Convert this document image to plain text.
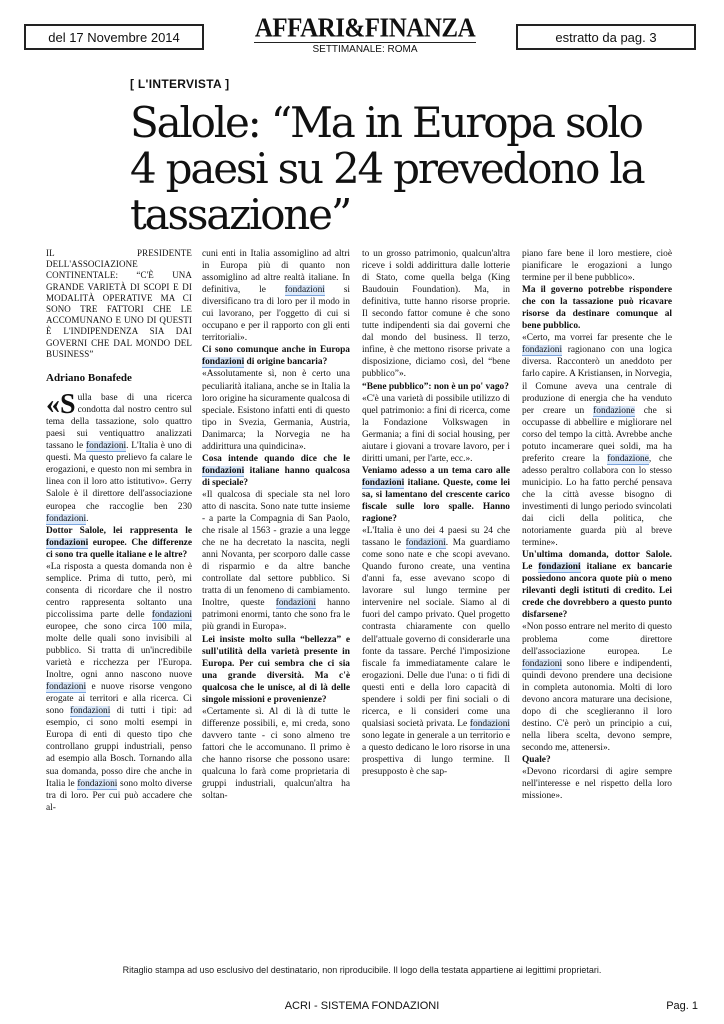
del 17 Novembre 2014	AFFARI&FINANZA
SETTIMANALE: ROMA
estratto da pag. 3
[ L'INTERVISTA ]
Salole: “Ma in Europa solo 4 paesi su 24 prevedono la tassazione”
IL PRESIDENTE DELL'ASSOCIAZIONE CONTINENTALE: “C'È UNA GRANDE VARIETÀ DI SCOPI E DI MODALITÀ OPERATIVE MA CI SONO TRE FATTORI CHE LE ACCOMUNANO E UNO DI QUESTI È L'INDIPENDENZA SIA DAI GOVERNI CHE DAL MONDO DEL BUSINESS”
Adriano Bonafede
«S ulla base di una ricerca condotta dal nostro centro sul tema della tassazione, solo quattro paesi sui ventiquattro analizzati tassano le fondazioni. L'Italia è uno di questi. Ma questo prelievo fa calare le erogazioni, e questo non mi sembra in linea con il loro atto istitutivo». Gerry Salole è il direttore dell'associazione europea che raccoglie ben 230 fondazioni.

Dottor Salole, lei rappresenta le fondazioni europee. Che differenze ci sono tra quelle italiane e le altre?

«La risposta a questa domanda non è semplice. Prima di tutto, però, mi consenta di ricordare che il nostro centro rappresenta soltanto una piccolissima parte delle fondazioni europee, che sono circa 100 mila, molte delle quali sono invisibili al pubblico. Si tratta di un'incredibile varietà e ricchezza per l'Europa. Inoltre, ogni anno nascono nuove fondazioni e nuove risorse vengono erogate ai territori e alla ricerca. Ci sono fondazioni di tutti i tipi: ad esempio, ci sono molti esempi in Europa di enti di questo tipo che controllano gruppi industriali, penso ad esempio alla Bosch. Tornando alla sua domanda, posso dire che anche in Italia le fondazioni sono molto diverse tra di loro. Per cui può accadere che al-

cuni enti in Italia assomiglino ad altri in Europa più di quanto non assomiglino ad altre realtà italiane. In definitiva, le fondazioni si diversificano tra di loro per il modo in cui lavorano, per l'oggetto di cui si occupano e per il rapporto con gli enti territoriali».

Ci sono comunque anche in Europa fondazioni di origine bancaria?

«Assolutamente sì, non è certo una peculiarità italiana, anche se in Italia la loro origine ha sicuramente qualcosa di speciale. Esistono infatti enti di questo tipo in Svezia, Germania, Austria, Danimarca; la Norvegia ne ha addirittura una quindicina».

Cosa intende quando dice che le fondazioni italiane hanno qualcosa di speciale?

«Il qualcosa di speciale sta nel loro atto di nascita. Sono nate tutte insieme - a parte la Compagnia di San Paolo, che risale al 1563 - grazie a una legge che ne ha decretato la nascita, negli anni Novanta, per scorporo dalle casse di risparmio e da altre banche controllate dal settore pubblico. Si tratta di un fenomeno di cambiamento. Inoltre, queste fondazioni hanno patrimoni enormi, tanto che sono fra le più grandi in Europa».

Lei insiste molto sulla “bellezza” e sull'utilità della varietà presente in Europa. Per cui sembra che ci sia una grande diversità. Ma c'è qualcosa che le unisce, al di là delle singole missioni e provenienze?

«Certamente sì. Al di là di tutte le differenze possibili, e, mi creda, sono davvero tante - ci sono almeno tre fattori che le accomunano. Il primo è che hanno risorse che possono usare: qualcuna lo farà come proprietaria di gruppi industriali, qualcun'altra ha soltan-

to un grosso patrimonio, qualcun'altra riceve i soldi addirittura dalle lotterie di Stato, come quella belga (King Baudouin Foundation). Ma, in definitiva, tutte hanno risorse proprie. Il secondo fattor comune è che sono tutte indipendenti sia dai governi che dal mondo del business. Il terzo, infine, è che mettono risorse private a disposizione, diciamo così, del “bene pubblico”».

“Bene pubblico”: non è un po' vago?

«C'è una varietà di possibile utilizzo di quel patrimonio: a fini di ricerca, come la Fondazione Volkswagen in Germania; a fini di social housing, per aiutare i giovani a trovare lavoro, per i diritti umani, per l'arte, ecc.».

Veniamo adesso a un tema caro alle fondazioni italiane. Queste, come lei sa, si lamentano del crescente carico fiscale sulle loro spalle. Hanno ragione?

«L'Italia è uno dei 4 paesi su 24 che tassano le fondazioni. Ma guardiamo come sono nate e che scopi avevano. Quando furono create, una ventina d'anni fa, esse avevano scopo di lavorare sul lungo termine per intervenire nel sociale. Siamo al di fuori del campo privato. Quel progetto contrasta chiaramente con quello dell'attuale governo di considerarle una fonte da tassare. Perché l'imposizione fiscale fa immediatamente calare le erogazioni. Delle due l'una: o ti fidi di questi enti e della loro capacità di spendere i soldi per fini sociali o di ricerca, e li consideri come una qualsiasi società privata. Le fondazioni sono legate in generale a un territorio e a questo dedicano le loro risorse in una prospettiva di lungo termine. Il presupposto è che sap-

piano fare bene il loro mestiere, cioè pianificare le erogazioni a lungo termine per il bene pubblico».

Ma il governo potrebbe rispondere che con la tassazione può ricavare risorse da destinare comunque al bene pubblico.

«Certo, ma vorrei far presente che le fondazioni ragionano con una logica diversa. Racconterò un aneddoto per farlo capire. A Kristiansen, in Norvegia, il Comune aveva una centrale di produzione di energia che ha venduto per creare un fondazione che si occupasse di abbellire e migliorare nel corso del tempo la città. Avrebbe anche potuto incamerare quei soldi, ma ha preferito creare la fondazione, che adesso peraltro collabora con lo stesso municipio. Lo ha fatto perché pensava che la città avesse bisogno di investimenti di lungo periodo svincolati dai cicli della politica, che notoriamente guarda più al breve termine».

Un'ultima domanda, dottor Salole. Le fondazioni italiane ex bancarie possiedono ancora quote più o meno rilevanti degli istituti di credito. Lei crede che dovrebbero a questo punto disfarsene?

«Non posso entrare nel merito di questo problema come direttore dell'associazione europea. Le fondazioni sono libere e indipendenti, quindi devono prendere una decisione in completa autonomia. Molti di loro devono ancora maturare una decisione, dopo di che sceglieranno il loro destino. C'è però un principio a cui, nella libera scelta, devono sempre, secondo me, attenersi».

Quale?

«Devono ricordarsi di agire sempre nell'interesse e nel rispetto della loro missione».

Ritaglio stampa ad uso esclusivo del destinatario, non riproducibile. Il logo della testata appartiene ai legittimi proprietari.
ACRI - SISTEMA FONDAZIONI	Pag. 1
